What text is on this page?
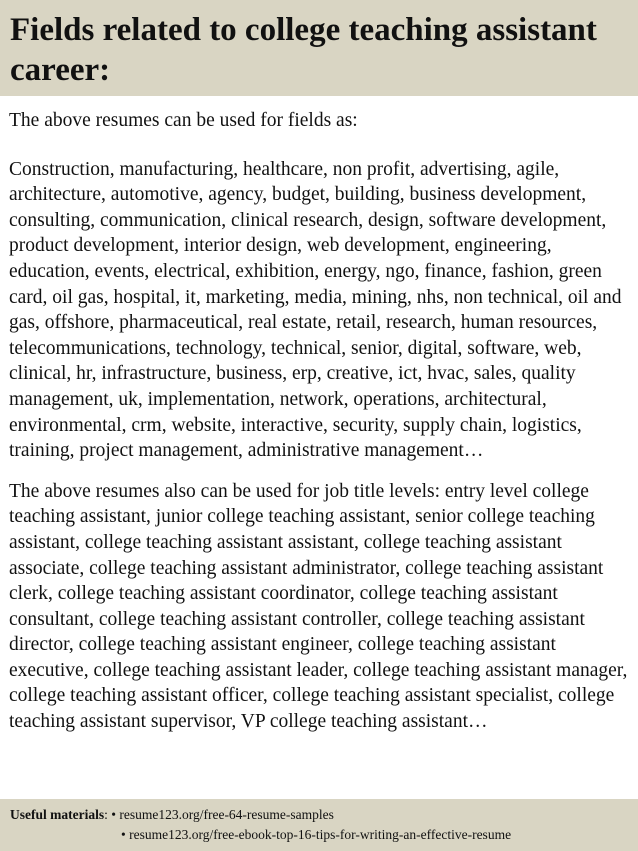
Fields related to college teaching assistant career:

The above resumes can be used for fields as:

Construction, manufacturing, healthcare, non profit, advertising, agile, architecture, automotive, agency, budget, building, business development, consulting, communication, clinical research, design, software development, product development, interior design, web development, engineering, education, events, electrical, exhibition, energy, ngo, finance, fashion, green card, oil gas, hospital, it, marketing, media, mining, nhs, non technical, oil and gas, offshore, pharmaceutical, real estate, retail, research, human resources, telecommunications, technology, technical, senior, digital, software, web, clinical, hr, infrastructure, business, erp, creative, ict, hvac, sales, quality management, uk, implementation, network, operations, architectural, environmental, crm, website, interactive, security, supply chain, logistics, training, project management, administrative management…

The above resumes also can be used for job title levels: entry level college teaching assistant, junior college teaching assistant, senior college teaching assistant, college teaching assistant assistant, college teaching assistant associate, college teaching assistant administrator, college teaching assistant clerk, college teaching assistant coordinator, college teaching assistant consultant, college teaching assistant controller, college teaching assistant director, college teaching assistant engineer, college teaching assistant executive, college teaching assistant leader, college teaching assistant manager, college teaching assistant officer, college teaching assistant specialist, college teaching assistant supervisor, VP college teaching assistant…

Useful materials: • resume123.org/free-64-resume-samples
• resume123.org/free-ebook-top-16-tips-for-writing-an-effective-resume
